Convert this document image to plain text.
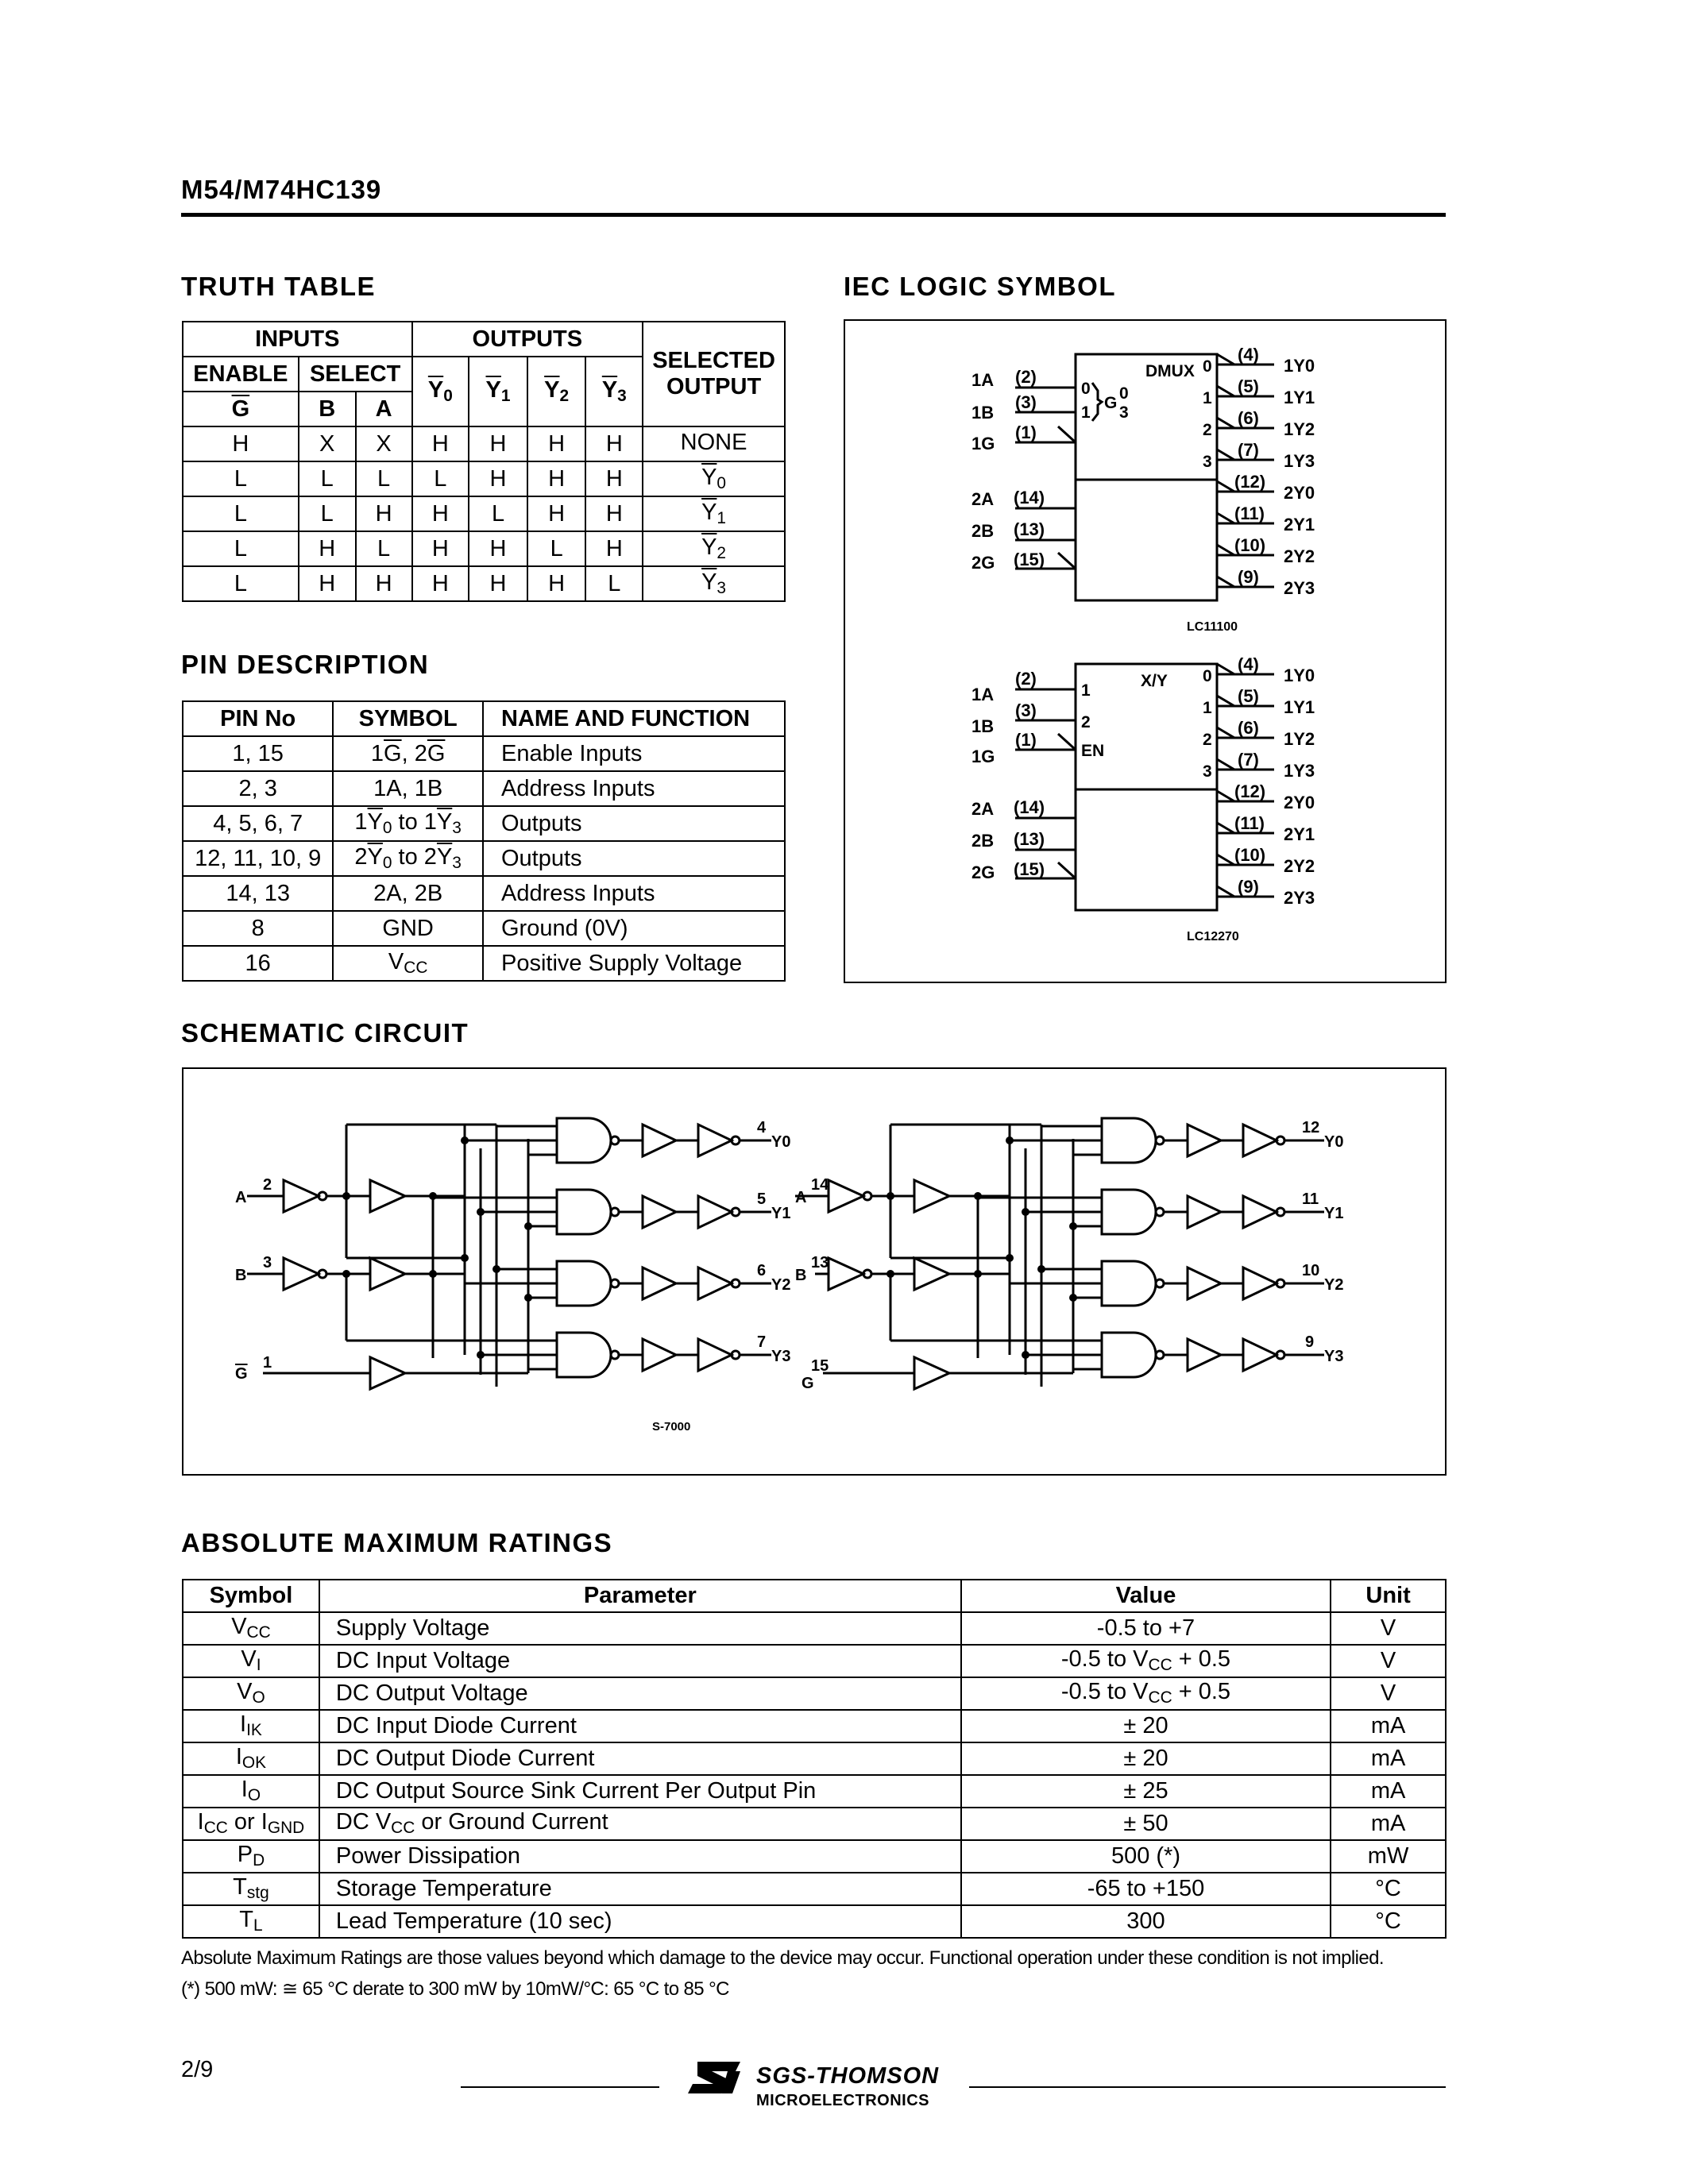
M54/M74HC139
TRUTH TABLE
INPUTS			OUTPUTS				SELECTED
OUTPUT
ENABLE	SELECT		$\overline{Y}_0$	$\overline{Y}_1$	$\overline{Y}_2$	$\overline{Y}_3$
$\overline{G}$	B	A					
H	X	X	H	H	H	H	NONE
L	L	L	L	H	H	H	$\overline{Y}_0$
L	L	H	H	L	H	H	$\overline{Y}_1$
L	H	L	H	H	L	H	$\overline{Y}_2$
L	H	H	H	H	H	L	$\overline{Y}_3$
PIN DESCRIPTION
PIN No	SYMBOL	NAME AND FUNCTION
1, 15	$1\overline{G}$, $2\overline{G}$	Enable Inputs
2, 3	1A, 1B	Address Inputs
4, 5, 6, 7	$1\overline{Y}_0$ to $1\overline{Y}_3$	Outputs
12, 11, 10, 9	$2\overline{Y}_0$ to $2\overline{Y}_3$	Outputs
14, 13	2A, 2B	Address Inputs
8	GND	Ground (0V)
16	$V_{CC}$	Positive Supply Voltage
IEC LOGIC SYMBOL
DMUX
0
1
G
0
3
0
1
2
3
X/Y
1
2
EN
0
1
2
3
1A
1B
1G
2A
2B
2G
1A
1B
1G
2A
2B
2G
(2)
(3)
(1)
(14)
(13)
(15)
(2)
(3)
(1)
(14)
(13)
(15)
(4)
(5)
(6)
(7)
(12)
(11)
(10)
(9)
(4)
(5)
(6)
(7)
(12)
(11)
(10)
(9)
1Y0
1Y1
1Y2
1Y3
2Y0
2Y1
2Y2
2Y3
1Y0
1Y1
1Y2
1Y3
2Y0
2Y1
2Y2
2Y3
LC11100
LC12270
SCHEMATIC CIRCUIT
A
2
B
3
G
1
A
14
B
13
G
15
4
Y0
5
Y1
6
Y2
7
Y3
12
Y0
11
Y1
10
Y2
9
Y3
S-7000
ABSOLUTE MAXIMUM RATINGS
Symbol	Parameter	Value	Unit
$V_{CC}$	Supply Voltage	-0.5 to +7	V
$V_I$	DC Input Voltage	-0.5 to $V_{CC} + 0.5$	V
$V_O$	DC Output Voltage	-0.5 to $V_{CC} + 0.5$	V
$I_{IK}$	DC Input Diode Current	± 20	mA
$I_{OK}$	DC Output Diode Current	± 20	mA
$I_O$	DC Output Source Sink Current Per Output Pin	± 25	mA
$I_{CC}$ or $I_{GND}$	DC $V_{CC}$ or Ground Current	± 50	mA
$P_D$	Power Dissipation	500 (*)	mW
$T_{stg}$	Storage Temperature	-65 to +150	°C
$T_L$	Lead Temperature (10 sec)	300	°C
Absolute Maximum Ratings are those values beyond which damage to the device may occur. Functional operation under these condition is not implied.
(*) 500 mW: ≅ 65 °C derate to 300 mW by 10mW/°C: 65 °C to 85 °C
2/9	SGS-THOMSON
MICROELECTRONICS
